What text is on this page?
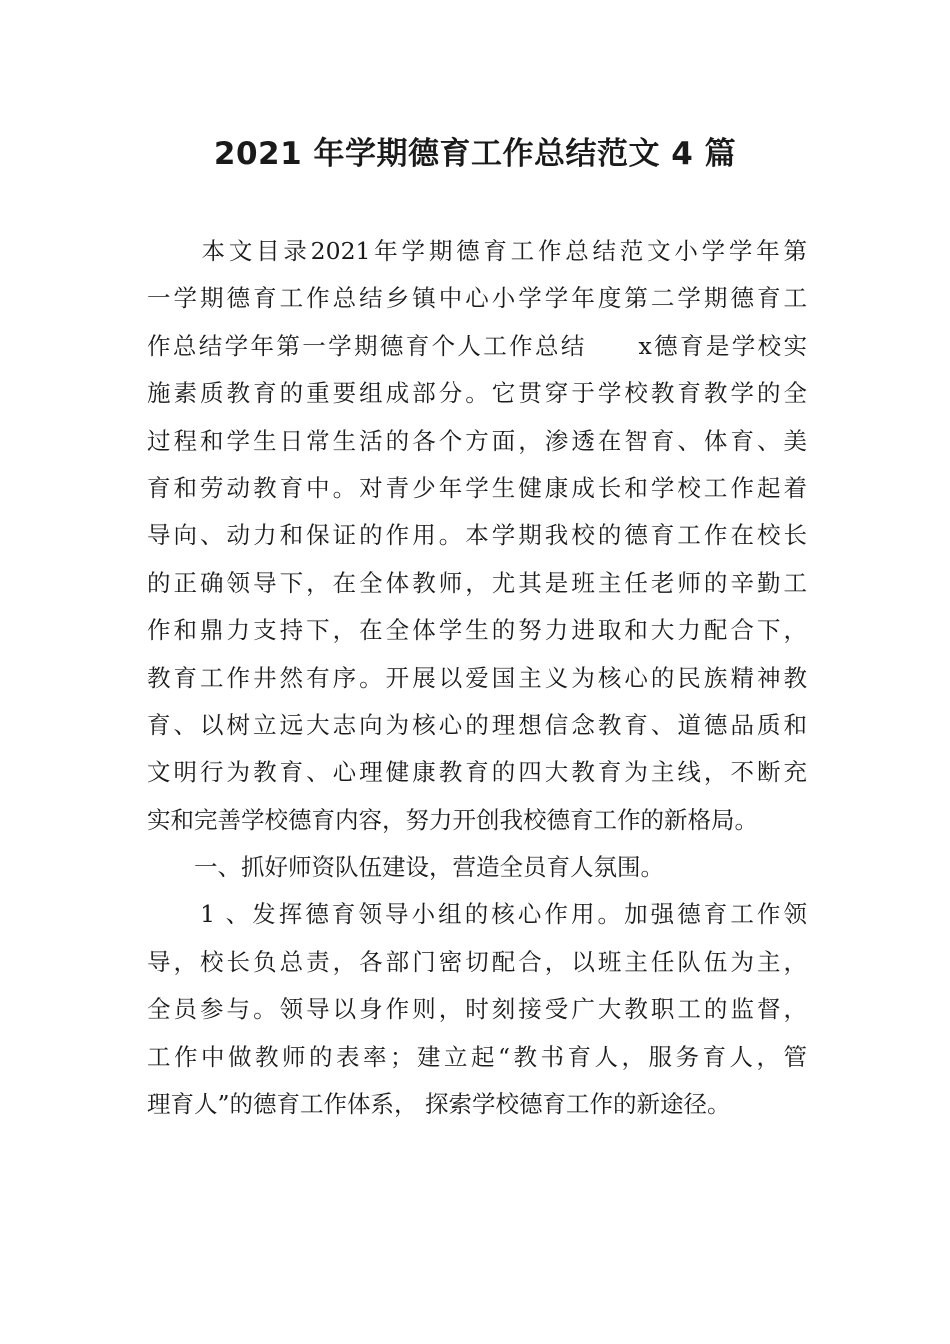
2021 年学期德育工作总结范文 4 篇
　　本文目录2021年学期德育工作总结范文小学学年第
一学期德育工作总结乡镇中心小学学年度第二学期德育工
作总结学年第一学期德育个人工作总结　　x德育是学校实
施素质教育的重要组成部分。它贯穿于学校教育教学的全
过程和学生日常生活的各个方面，渗透在智育、体育、美
育和劳动教育中。对青少年学生健康成长和学校工作起着
导向、动力和保证的作用。本学期我校的德育工作在校长
的正确领导下，在全体教师，尤其是班主任老师的辛勤工
作和鼎力支持下，在全体学生的努力进取和大力配合下，
教育工作井然有序。开展以爱国主义为核心的民族精神教
育、以树立远大志向为核心的理想信念教育、道德品质和
文明行为教育、心理健康教育的四大教育为主线，不断充
实和完善学校德育内容，努力开创我校德育工作的新格局。
　　一、抓好师资队伍建设，营造全员育人氛围。
　　1 、发挥德育领导小组的核心作用。加强德育工作领
导，校长负总责，各部门密切配合，以班主任队伍为主，
全员参与。领导以身作则，时刻接受广大教职工的监督，
工作中做教师的表率；建立起“教书育人，服务育人，管
理育人”的德育工作体系， 探索学校德育工作的新途径。
